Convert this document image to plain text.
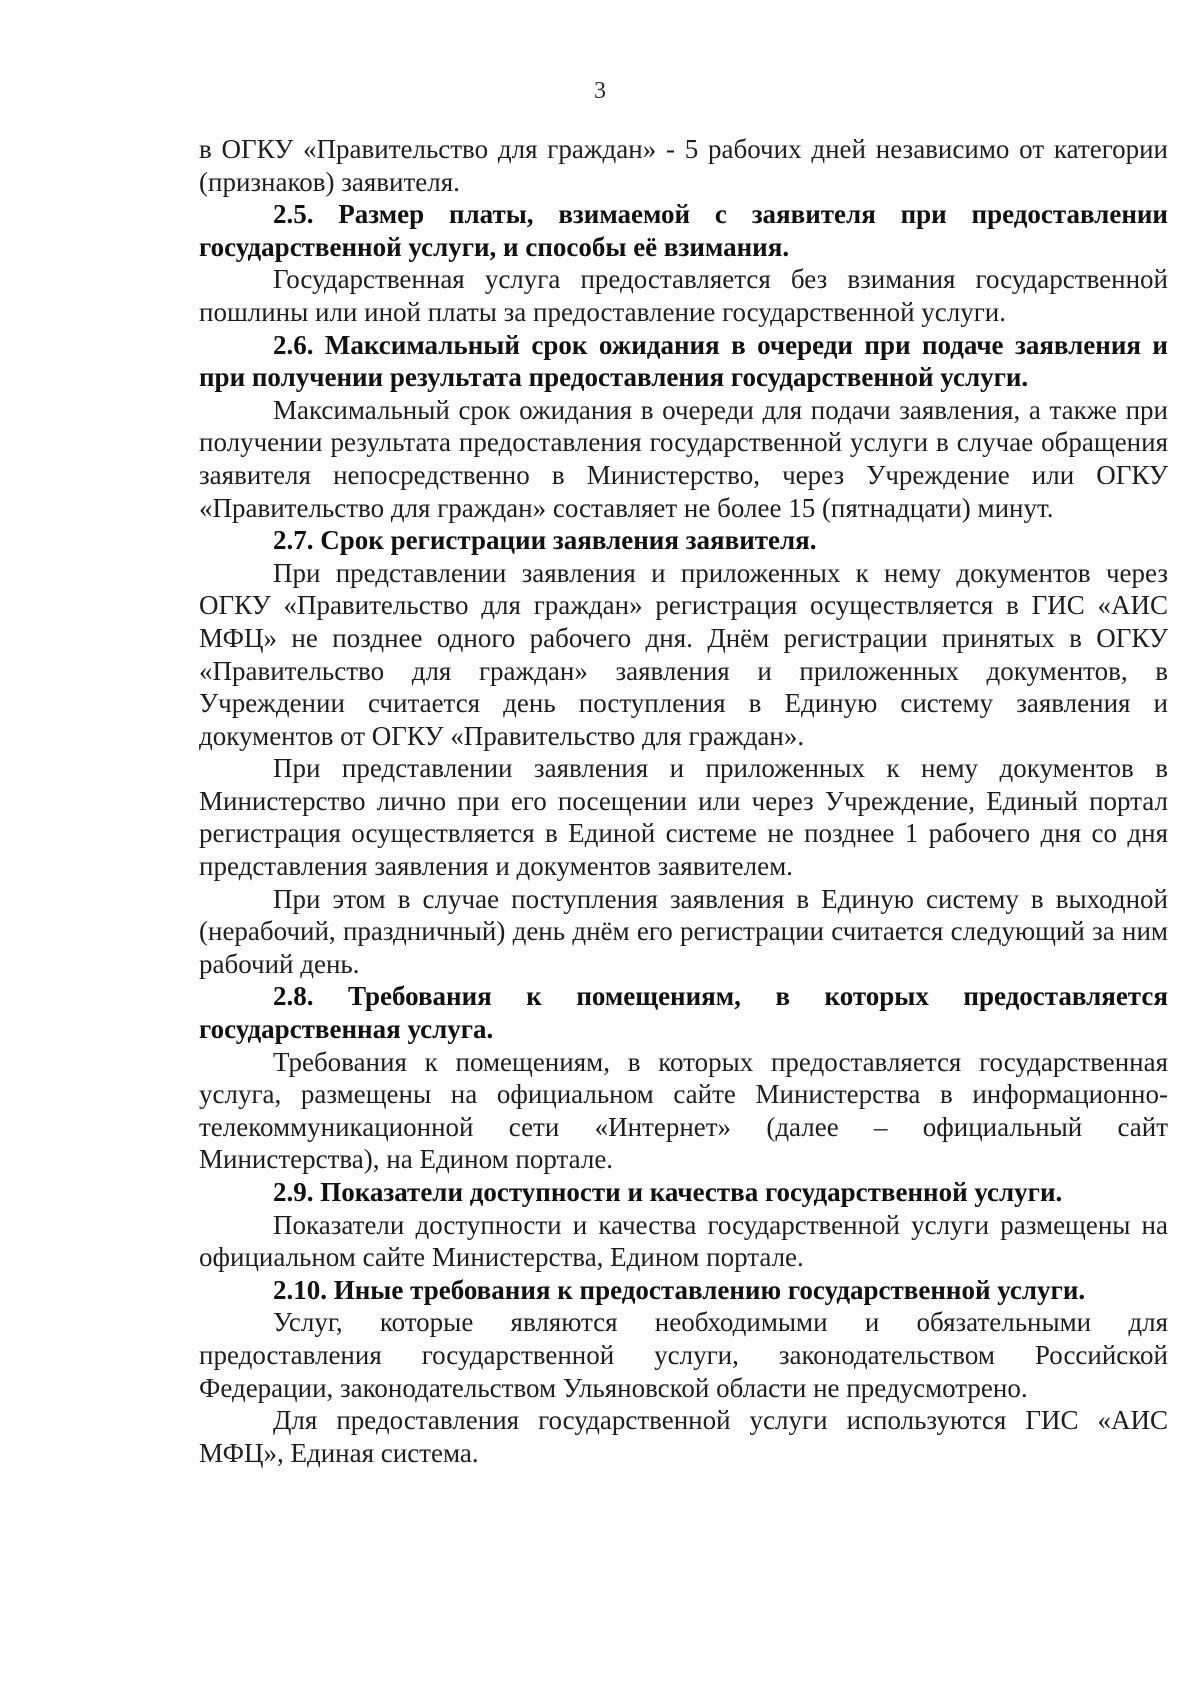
3

в ОГКУ «Правительство для граждан» - 5 рабочих дней независимо от категории (признаков) заявителя.

2.5. Размер платы, взимаемой с заявителя при предоставлении государственной услуги, и способы её взимания.

Государственная услуга предоставляется без взимания государственной пошлины или иной платы за предоставление государственной услуги.

2.6. Максимальный срок ожидания в очереди при подаче заявления и при получении результата предоставления государственной услуги.

Максимальный срок ожидания в очереди для подачи заявления, а также при получении результата предоставления государственной услуги в случае обращения заявителя непосредственно в Министерство, через Учреждение или ОГКУ «Правительство для граждан» составляет не более 15 (пятнадцати) минут.

2.7. Срок регистрации заявления заявителя.

При представлении заявления и приложенных к нему документов через ОГКУ «Правительство для граждан» регистрация осуществляется в ГИС «АИС МФЦ» не позднее одного рабочего дня. Днём регистрации принятых в ОГКУ «Правительство для граждан» заявления и приложенных документов, в Учреждении считается день поступления в Единую систему заявления и документов от ОГКУ «Правительство для граждан».

При представлении заявления и приложенных к нему документов в Министерство лично при его посещении или через Учреждение, Единый портал регистрация осуществляется в Единой системе не позднее 1 рабочего дня со дня представления заявления и документов заявителем.

При этом в случае поступления заявления в Единую систему в выходной (нерабочий, праздничный) день днём его регистрации считается следующий за ним рабочий день.

2.8. Требования к помещениям, в которых предоставляется государственная услуга.

Требования к помещениям, в которых предоставляется государственная услуга, размещены на официальном сайте Министерства в информационно-телекоммуникационной сети «Интернет» (далее – официальный сайт Министерства), на Едином портале.

2.9. Показатели доступности и качества государственной услуги.

Показатели доступности и качества государственной услуги размещены на официальном сайте Министерства, Едином портале.

2.10. Иные требования к предоставлению государственной услуги.

Услуг, которые являются необходимыми и обязательными для предоставления государственной услуги, законодательством Российской Федерации, законодательством Ульяновской области не предусмотрено.

Для предоставления государственной услуги используются ГИС «АИС МФЦ», Единая система.
